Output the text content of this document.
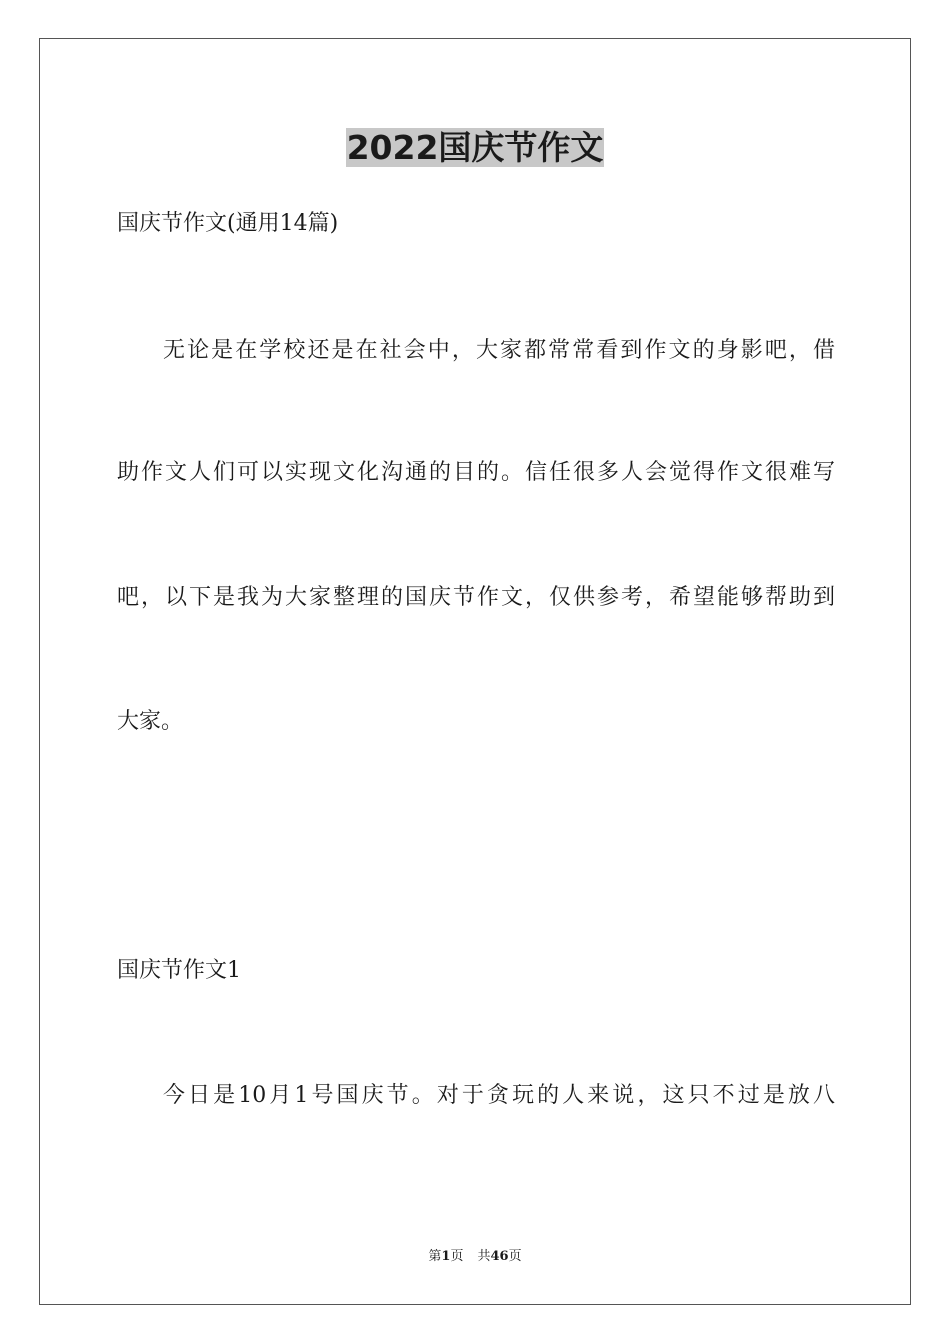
2022国庆节作文
国庆节作文(通用14篇)
无论是在学校还是在社会中，大家都常常看到作文的身影吧，借
助作文人们可以实现文化沟通的目的。信任很多人会觉得作文很难写
吧，以下是我为大家整理的国庆节作文，仅供参考，希望能够帮助到
大家。
国庆节作文1
今日是10月1号国庆节。对于贪玩的人来说，这只不过是放八
第1页 共46页
